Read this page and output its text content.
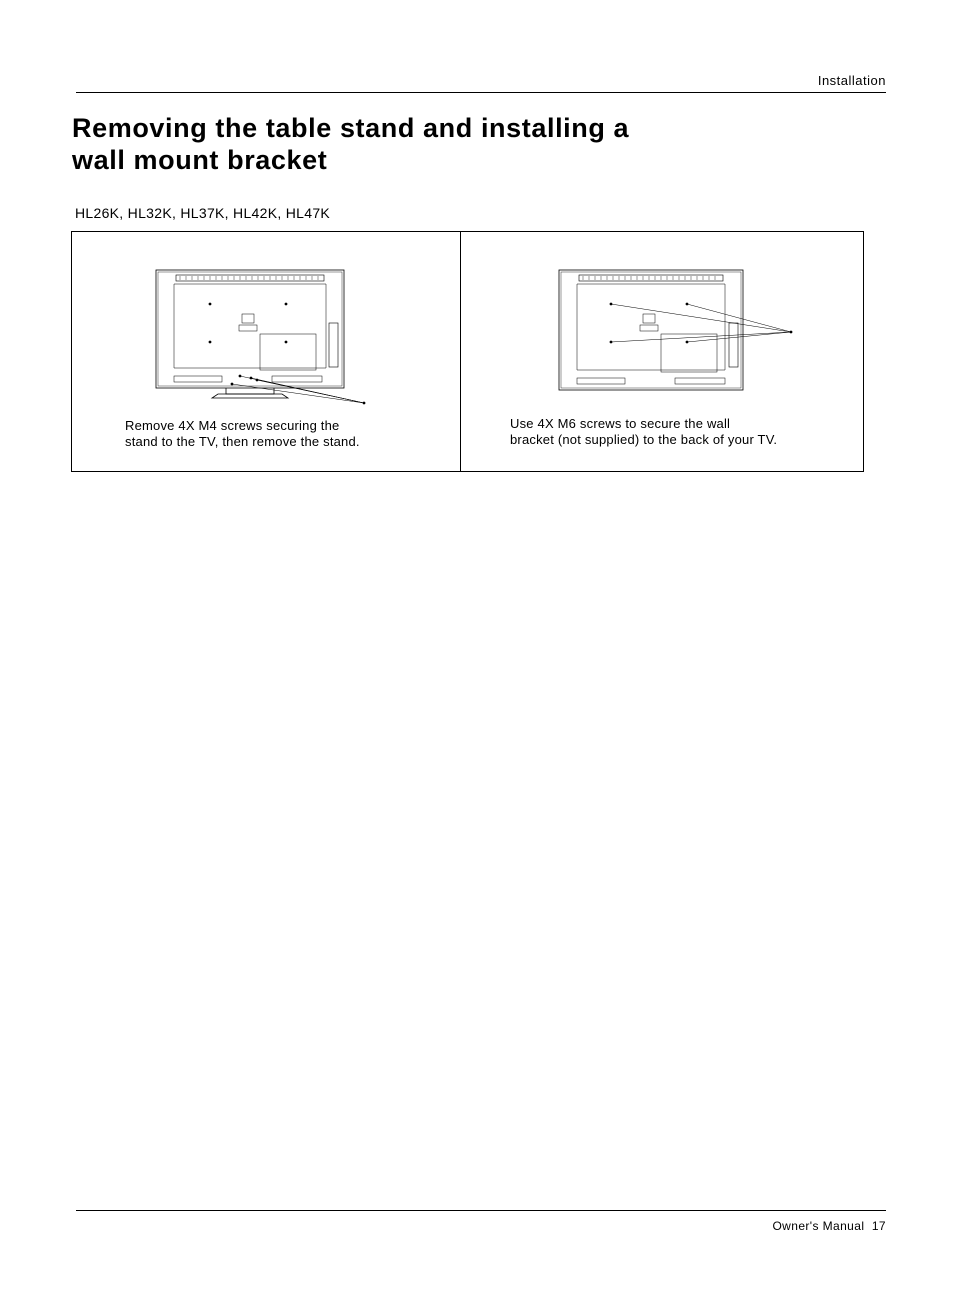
Installation
Removing the table stand and installing a
wall mount bracket
HL26K, HL32K, HL37K, HL42K, HL47K
Remove 4X M4 screws securing the
stand to the TV, then remove the stand.
Use 4X M6 screws to secure the wall
bracket (not supplied) to the back of your TV.
Owner's Manual  17
